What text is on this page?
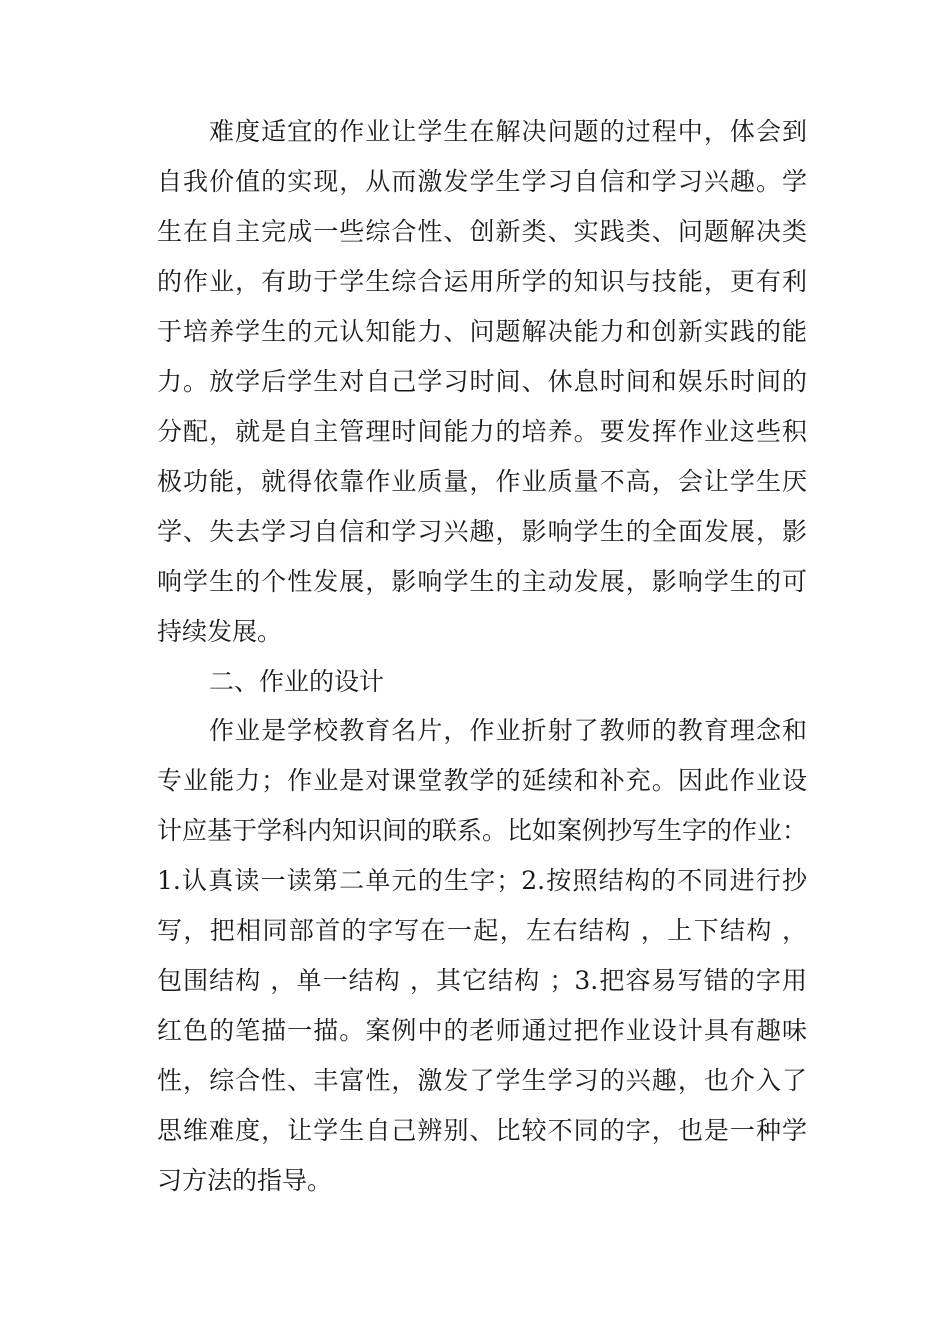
难度适宜的作业让学生在解决问题的过程中，体会到

自我价值的实现，从而激发学生学习自信和学习兴趣。学

生在自主完成一些综合性、创新类、实践类、问题解决类

的作业，有助于学生综合运用所学的知识与技能，更有利

于培养学生的元认知能力、问题解决能力和创新实践的能

力。放学后学生对自己学习时间、休息时间和娱乐时间的

分配，就是自主管理时间能力的培养。要发挥作业这些积

极功能，就得依靠作业质量，作业质量不高，会让学生厌

学、失去学习自信和学习兴趣，影响学生的全面发展，影

响学生的个性发展，影响学生的主动发展，影响学生的可

持续发展。

二、作业的设计

作业是学校教育名片，作业折射了教师的教育理念和

专业能力；作业是对课堂教学的延续和补充。因此作业设

计应基于学科内知识间的联系。比如案例抄写生字的作业：

1.认真读一读第二单元的生字；2.按照结构的不同进行抄

写，把相同部首的字写在一起，左右结构 ，上下结构 ，

包围结构 ，单一结构 ，其它结构 ；3.把容易写错的字用

红色的笔描一描。案例中的老师通过把作业设计具有趣味

性，综合性、丰富性，激发了学生学习的兴趣，也介入了

思维难度，让学生自己辨别、比较不同的字，也是一种学

习方法的指导。
